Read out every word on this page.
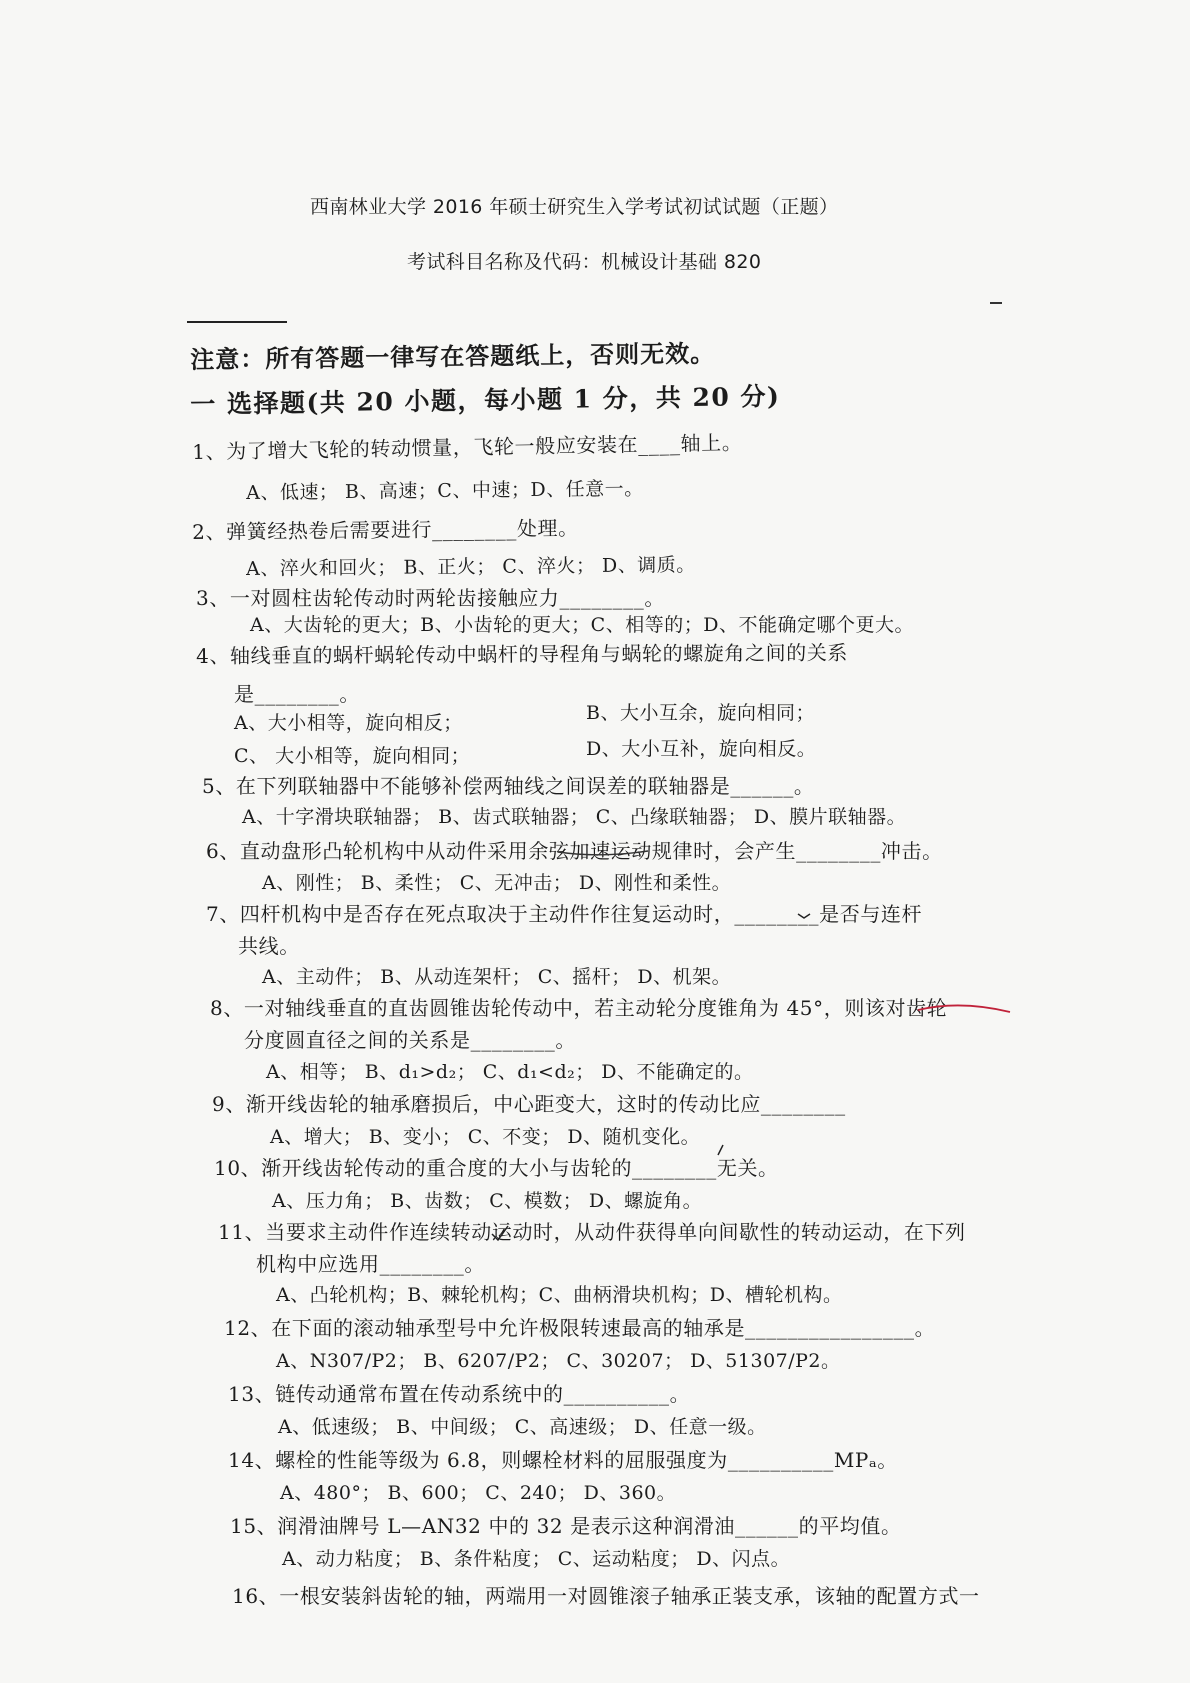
西南林业大学 2016 年硕士研究生入学考试初试试题（正题）
考试科目名称及代码：机械设计基础 820
注意：所有答题一律写在答题纸上，否则无效。
一 选择题(共 20 小题，每小题 1 分，共 20 分)
1、为了增大飞轮的转动惯量，飞轮一般应安装在____轴上。
A、低速； B、高速；C、中速；D、任意一。
2、弹簧经热卷后需要进行________处理。
A、淬火和回火； B、正火； C、淬火； D、调质。
3、一对圆柱齿轮传动时两轮齿接触应力________。
A、大齿轮的更大；B、小齿轮的更大；C、相等的；D、不能确定哪个更大。
4、轴线垂直的蜗杆蜗轮传动中蜗杆的导程角与蜗轮的螺旋角之间的关系
是________。
A、大小相等，旋向相反；	B、大小互余，旋向相同；
C、 大小相等，旋向相同；	D、大小互补，旋向相反。
5、在下列联轴器中不能够补偿两轴线之间误差的联轴器是______。
A、十字滑块联轴器； B、齿式联轴器； C、凸缘联轴器； D、膜片联轴器。
6、直动盘形凸轮机构中从动件采用余弦加速运动规律时，会产生________冲击。
A、刚性； B、柔性； C、无冲击； D、刚性和柔性。
7、四杆机构中是否存在死点取决于主动件作往复运动时，________是否与连杆
共线。
A、主动件； B、从动连架杆； C、摇杆； D、机架。
8、一对轴线垂直的直齿圆锥齿轮传动中，若主动轮分度锥角为 45°，则该对齿轮
分度圆直径之间的关系是________。
A、相等； B、d₁>d₂； C、d₁<d₂； D、不能确定的。
9、渐开线齿轮的轴承磨损后，中心距变大，这时的传动比应________
A、增大； B、变小； C、不变； D、随机变化。
10、渐开线齿轮传动的重合度的大小与齿轮的________无关。
A、压力角； B、齿数； C、模数； D、螺旋角。
11、当要求主动件作连续转动运动时，从动件获得单向间歇性的转动运动，在下列
机构中应选用________。
A、凸轮机构；B、棘轮机构；C、曲柄滑块机构；D、槽轮机构。
12、在下面的滚动轴承型号中允许极限转速最高的轴承是________________。
A、N307/P2； B、6207/P2； C、30207； D、51307/P2。
13、链传动通常布置在传动系统中的__________。
A、低速级； B、中间级； C、高速级； D、任意一级。
14、螺栓的性能等级为 6.8，则螺栓材料的屈服强度为__________MPₐ。
A、480°； B、600； C、240； D、360。
15、润滑油牌号 L—AN32 中的 32 是表示这种润滑油______的平均值。
A、动力粘度； B、条件粘度； C、运动粘度； D、闪点。
16、一根安装斜齿轮的轴，两端用一对圆锥滚子轴承正装支承，该轴的配置方式一
